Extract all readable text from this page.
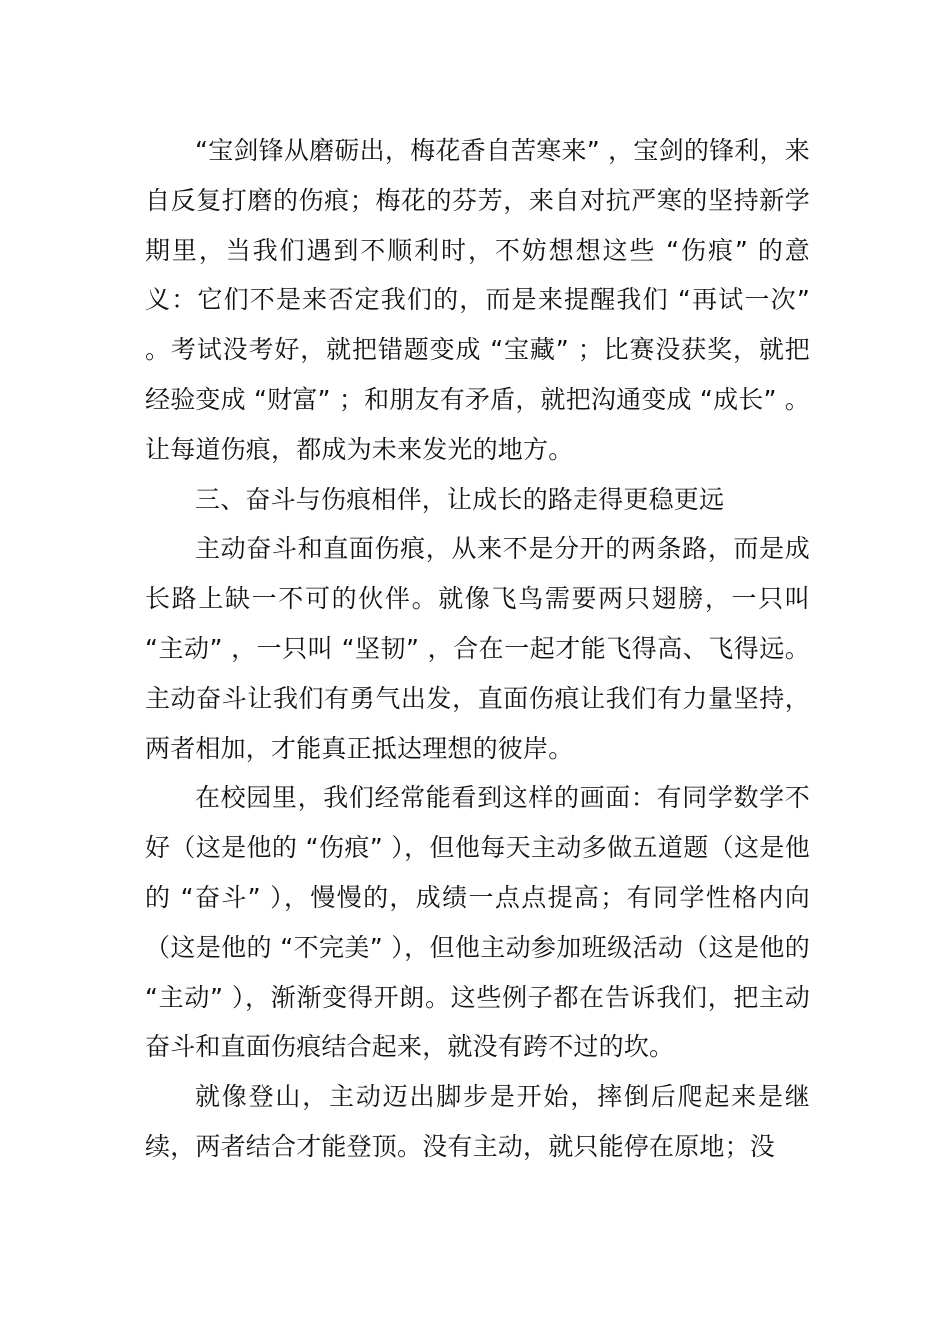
“宝剑锋从磨砺出，梅花香自苦寒来” ，宝剑的锋利，来自反复打磨的伤痕；梅花的芬芳，来自对抗严寒的坚持新学期里，当我们遇到不顺利时，不妨想想这些 “伤痕” 的意义：它们不是来否定我们的，而是来提醒我们 “再试一次” 。考试没考好，就把错题变成 “宝藏” ；比赛没获奖，就把经验变成 “财富” ；和朋友有矛盾，就把沟通变成 “成长” 。让每道伤痕，都成为未来发光的地方。

三、奋斗与伤痕相伴，让成长的路走得更稳更远

主动奋斗和直面伤痕，从来不是分开的两条路，而是成长路上缺一不可的伙伴。就像飞鸟需要两只翅膀，一只叫 “主动” ，一只叫 “坚韧” ，合在一起才能飞得高、飞得远。主动奋斗让我们有勇气出发，直面伤痕让我们有力量坚持，两者相加，才能真正抵达理想的彼岸。

在校园里，我们经常能看到这样的画面：有同学数学不好（这是他的 “伤痕” ），但他每天主动多做五道题（这是他的 “奋斗” ），慢慢的，成绩一点点提高；有同学性格内向（这是他的 “不完美” ），但他主动参加班级活动（这是他的 “主动” ），渐渐变得开朗。这些例子都在告诉我们，把主动奋斗和直面伤痕结合起来，就没有跨不过的坎。

就像登山，主动迈出脚步是开始，摔倒后爬起来是继续，两者结合才能登顶。没有主动，就只能停在原地；没
